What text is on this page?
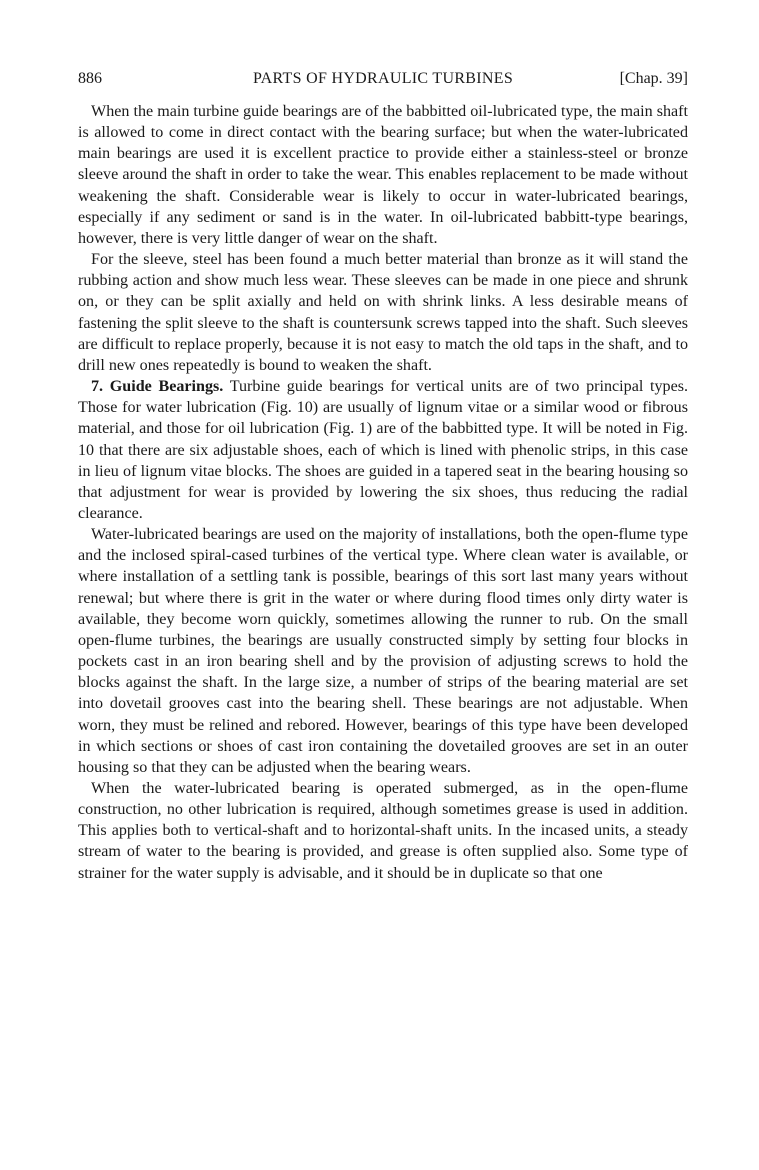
886	PARTS OF HYDRAULIC TURBINES	[Chap. 39]

When the main turbine guide bearings are of the babbitted oil-lubricated type, the main shaft is allowed to come in direct contact with the bearing surface; but when the water-lubricated main bearings are used it is excellent practice to provide either a stainless-steel or bronze sleeve around the shaft in order to take the wear. This enables replacement to be made without weakening the shaft. Considerable wear is likely to occur in water-lubricated bearings, especially if any sediment or sand is in the water. In oil-lubricated babbitt-type bearings, however, there is very little danger of wear on the shaft.

For the sleeve, steel has been found a much better material than bronze as it will stand the rubbing action and show much less wear. These sleeves can be made in one piece and shrunk on, or they can be split axially and held on with shrink links. A less desirable means of fastening the split sleeve to the shaft is countersunk screws tapped into the shaft. Such sleeves are difficult to replace properly, because it is not easy to match the old taps in the shaft, and to drill new ones repeatedly is bound to weaken the shaft.

7. Guide Bearings. Turbine guide bearings for vertical units are of two principal types. Those for water lubrication (Fig. 10) are usually of lignum vitae or a similar wood or fibrous material, and those for oil lubrication (Fig. 1) are of the babbitted type. It will be noted in Fig. 10 that there are six adjustable shoes, each of which is lined with phenolic strips, in this case in lieu of lignum vitae blocks. The shoes are guided in a tapered seat in the bearing housing so that adjustment for wear is provided by lowering the six shoes, thus reducing the radial clearance.

Water-lubricated bearings are used on the majority of installations, both the open-flume type and the inclosed spiral-cased turbines of the vertical type. Where clean water is available, or where installation of a settling tank is possible, bearings of this sort last many years without renewal; but where there is grit in the water or where during flood times only dirty water is available, they become worn quickly, sometimes allowing the runner to rub. On the small open-flume turbines, the bearings are usually constructed simply by setting four blocks in pockets cast in an iron bearing shell and by the provision of adjusting screws to hold the blocks against the shaft. In the large size, a number of strips of the bearing material are set into dovetail grooves cast into the bearing shell. These bearings are not adjustable. When worn, they must be relined and rebored. However, bearings of this type have been developed in which sections or shoes of cast iron containing the dovetailed grooves are set in an outer housing so that they can be adjusted when the bearing wears.

When the water-lubricated bearing is operated submerged, as in the open-flume construction, no other lubrication is required, although sometimes grease is used in addition. This applies both to vertical-shaft and to horizontal-shaft units. In the incased units, a steady stream of water to the bearing is provided, and grease is often supplied also. Some type of strainer for the water supply is advisable, and it should be in duplicate so that one
